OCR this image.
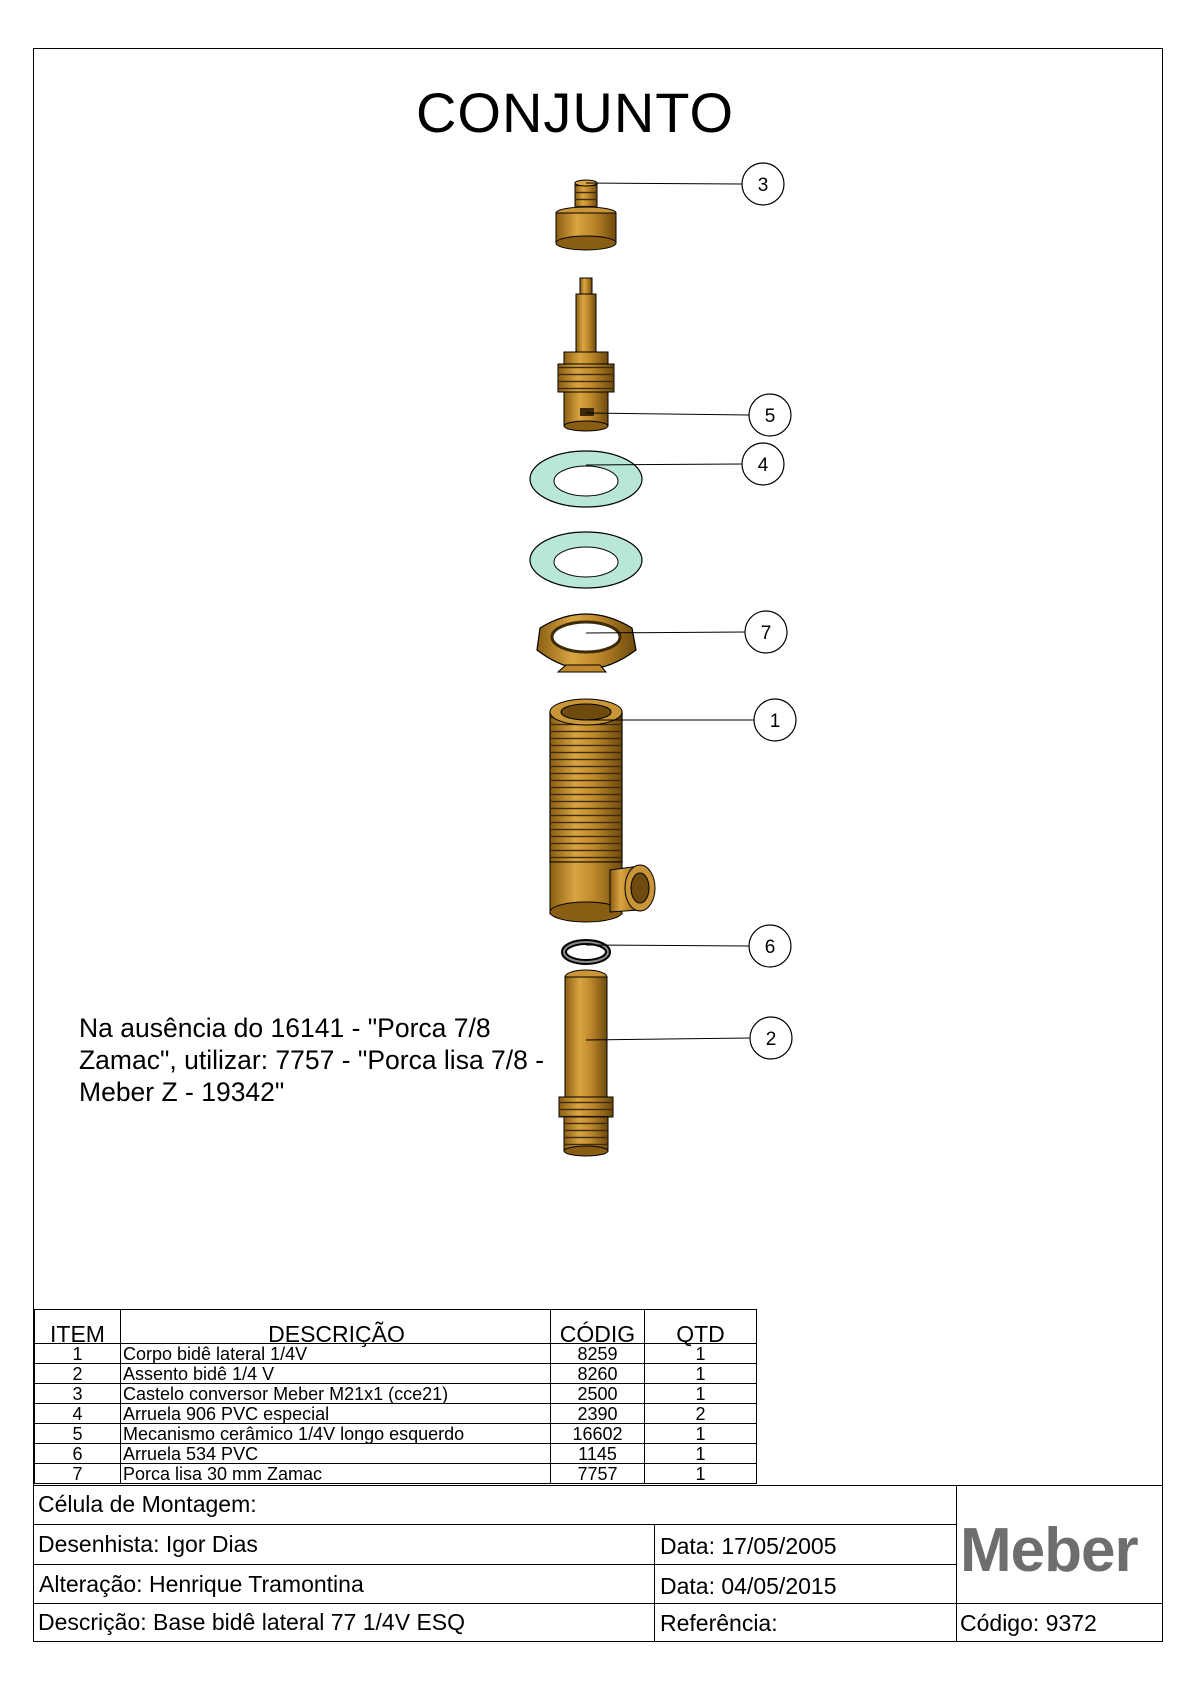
CONJUNTO
3
5
4
7
1
6
2
Na ausência do 16141 - "Porca 7/8 Zamac", utilizar: 7757 - "Porca lisa 7/8 - Meber Z - 19342"
ITEM	DESCRIÇÃO	CÓDIG	QTD
1	Corpo bidê lateral 1/4V	8259	1
2	Assento bidê 1/4 V	8260	1
3	Castelo conversor Meber M21x1 (cce21)	2500	1
4	Arruela 906 PVC especial	2390	2
5	Mecanismo cerâmico 1/4V longo esquerdo	16602	1
6	Arruela 534 PVC	1145	1
7	Porca lisa 30 mm Zamac	7757	1
Célula de Montagem:
Desenhista: Igor Dias	Data: 17/05/2005
Alteração: Henrique Tramontina	Data: 04/05/2015
Descrição: Base bidê lateral 77 1/4V ESQ	Referência:	Código: 9372
Meber
